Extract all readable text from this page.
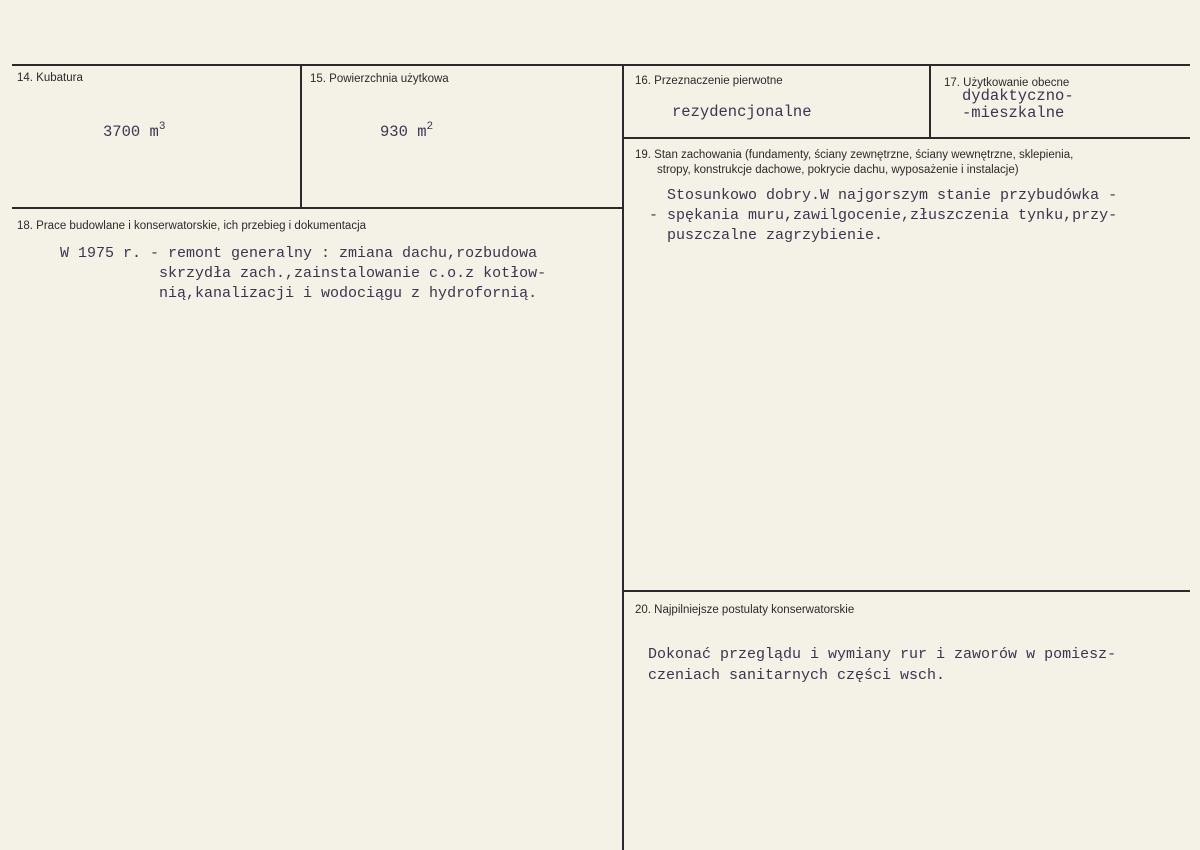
14. Kubatura
3700 $m^3$
15. Powierzchnia użytkowa
930 $m^2$
16. Przeznaczenie pierwotne
rezydencjonalne
17. Użytkowanie obecne
dydaktyczno-
-mieszkalne
18. Prace budowlane i konserwatorskie, ich przebieg i dokumentacja
W 1975 r. - remont generalny : zmiana dachu,rozbudowa
skrzydła zach.,zainstalowanie c.o.z kotłow-
nią,kanalizacji i wodociągu z hydrofornią.
19. Stan zachowania (fundamenty, ściany zewnętrzne, ściany wewnętrzne, sklepienia,
stropy, konstrukcje dachowe, pokrycie dachu, wyposażenie i instalacje)
Stosunkowo dobry.W najgorszym stanie przybudówka -
- spękania muru,zawilgocenie,złuszczenia tynku,przy-
puszczalne zagrzybienie.
20. Najpilniejsze postulaty konserwatorskie
Dokonać przeglądu i wymiany rur i zaworów w pomiesz-
czeniach sanitarnych części wsch.
